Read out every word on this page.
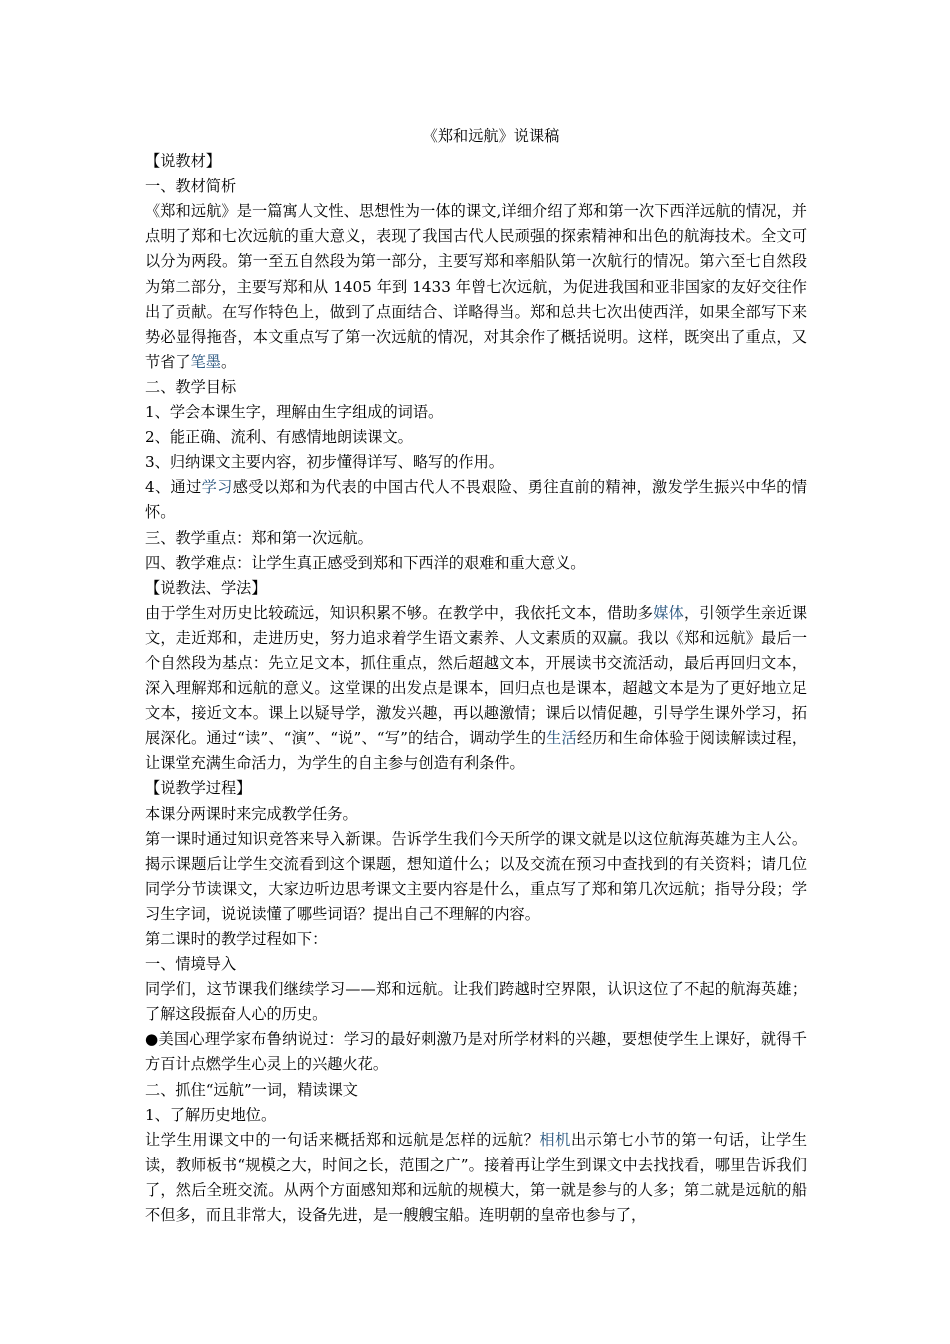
《郑和远航》说课稿
【说教材】
一、教材简析
《郑和远航》是一篇寓人文性、思想性为一体的课文,详细介绍了郑和第一次下西洋远航的情况，并点明了郑和七次远航的重大意义，表现了我国古代人民顽强的探索精神和出色的航海技术。全文可以分为两段。第一至五自然段为第一部分，主要写郑和率船队第一次航行的情况。第六至七自然段为第二部分，主要写郑和从 1405 年到 1433 年曾七次远航，为促进我国和亚非国家的友好交往作出了贡献。在写作特色上，做到了点面结合、详略得当。郑和总共七次出使西洋，如果全部写下来势必显得拖沓，本文重点写了第一次远航的情况，对其余作了概括说明。这样，既突出了重点，又节省了笔墨。
二、教学目标
1、学会本课生字，理解由生字组成的词语。
2、能正确、流利、有感情地朗读课文。
3、归纳课文主要内容，初步懂得详写、略写的作用。
4、通过学习感受以郑和为代表的中国古代人不畏艰险、勇往直前的精神，激发学生振兴中华的情怀。
三、教学重点：郑和第一次远航。
四、教学难点：让学生真正感受到郑和下西洋的艰难和重大意义。
【说教法、学法】
由于学生对历史比较疏远，知识积累不够。在教学中，我依托文本，借助多媒体，引领学生亲近课文，走近郑和，走进历史，努力追求着学生语文素养、人文素质的双赢。我以《郑和远航》最后一个自然段为基点：先立足文本，抓住重点，然后超越文本，开展读书交流活动，最后再回归文本，深入理解郑和远航的意义。这堂课的出发点是课本，回归点也是课本，超越文本是为了更好地立足文本，接近文本。课上以疑导学，激发兴趣，再以趣激情；课后以情促趣，引导学生课外学习，拓展深化。通过“读”、“演”、“说”、“写”的结合，调动学生的生活经历和生命体验于阅读解读过程，让课堂充满生命活力，为学生的自主参与创造有利条件。
【说教学过程】
本课分两课时来完成教学任务。
第一课时通过知识竞答来导入新课。告诉学生我们今天所学的课文就是以这位航海英雄为主人公。揭示课题后让学生交流看到这个课题，想知道什么；以及交流在预习中查找到的有关资料；请几位同学分节读课文，大家边听边思考课文主要内容是什么，重点写了郑和第几次远航；指导分段；学习生字词，说说读懂了哪些词语？提出自己不理解的内容。
第二课时的教学过程如下：
一、情境导入
同学们，这节课我们继续学习——郑和远航。让我们跨越时空界限，认识这位了不起的航海英雄；了解这段振奋人心的历史。
●美国心理学家布鲁纳说过：学习的最好刺激乃是对所学材料的兴趣，要想使学生上课好，就得千方百计点燃学生心灵上的兴趣火花。
二、抓住“远航”一词，精读课文
1、了解历史地位。
让学生用课文中的一句话来概括郑和远航是怎样的远航？相机出示第七小节的第一句话，让学生读，教师板书“规模之大，时间之长，范围之广”。接着再让学生到课文中去找找看，哪里告诉我们了，然后全班交流。从两个方面感知郑和远航的规模大，第一就是参与的人多；第二就是远航的船不但多，而且非常大，设备先进，是一艘艘宝船。连明朝的皇帝也参与了，
